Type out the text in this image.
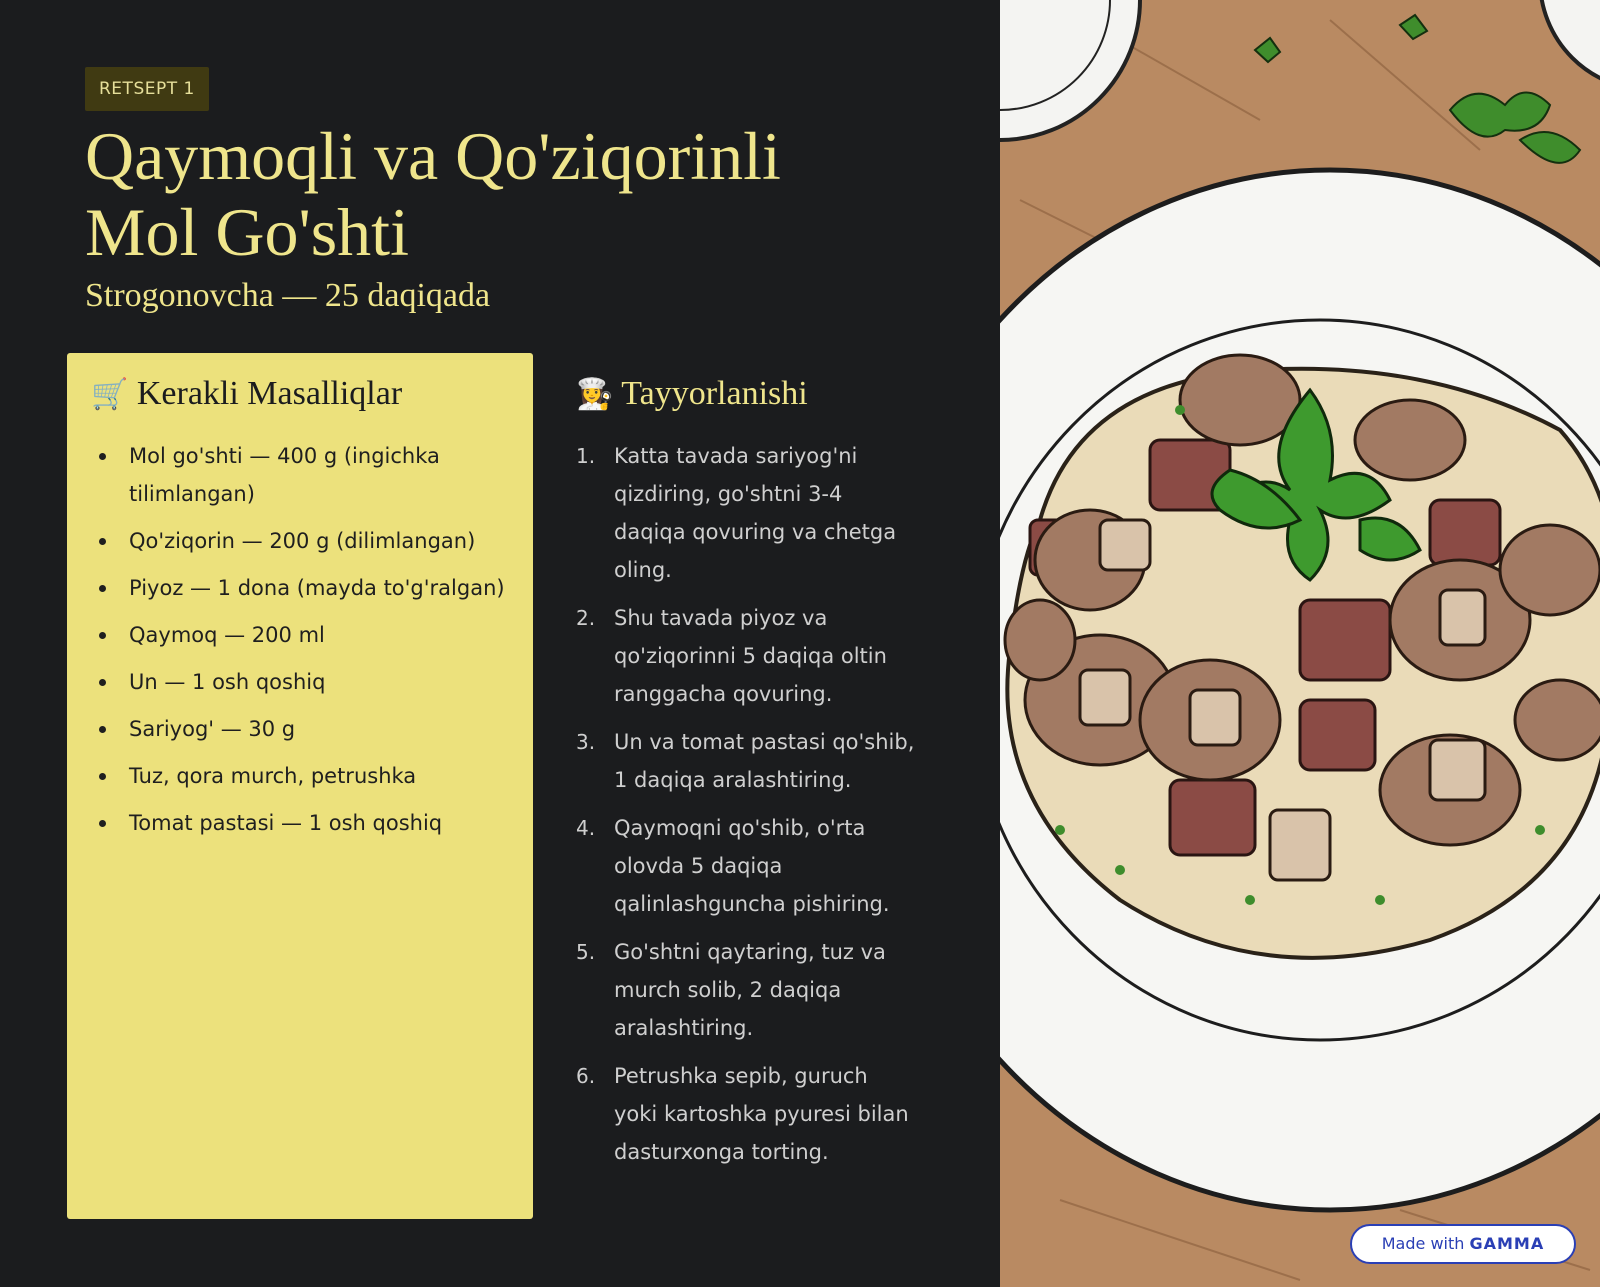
RETSEPT 1
Qaymoqli va Qo'ziqorinli
Mol Go'shti
Strogonovcha — 25 daqiqada
🛒 Kerakli Masalliqlar
Mol go'shti — 400 g (ingichka tilimlangan)
Qo'ziqorin — 200 g (dilimlangan)
Piyoz — 1 dona (mayda to'g'ralgan)
Qaymoq — 200 ml
Un — 1 osh qoshiq
Sariyog' — 30 g
Tuz, qora murch, petrushka
Tomat pastasi — 1 osh qoshiq
👩‍🍳 Tayyorlanishi
1. Katta tavada sariyog'ni qizdiring, go'shtni 3-4 daqiqa qovuring va chetga oling.
2. Shu tavada piyoz va qo'ziqorinni 5 daqiqa oltin ranggacha qovuring.
3. Un va tomat pastasi qo'shib, 1 daqiqa aralashtiring.
4. Qaymoqni qo'shib, o'rta olovda 5 daqiqa qalinlashguncha pishiring.
5. Go'shtni qaytaring, tuz va murch solib, 2 daqiqa aralashtiring.
6. Petrushka sepib, guruch yoki kartoshka pyuresi bilan dasturxonga torting.
Made with GAMMA
